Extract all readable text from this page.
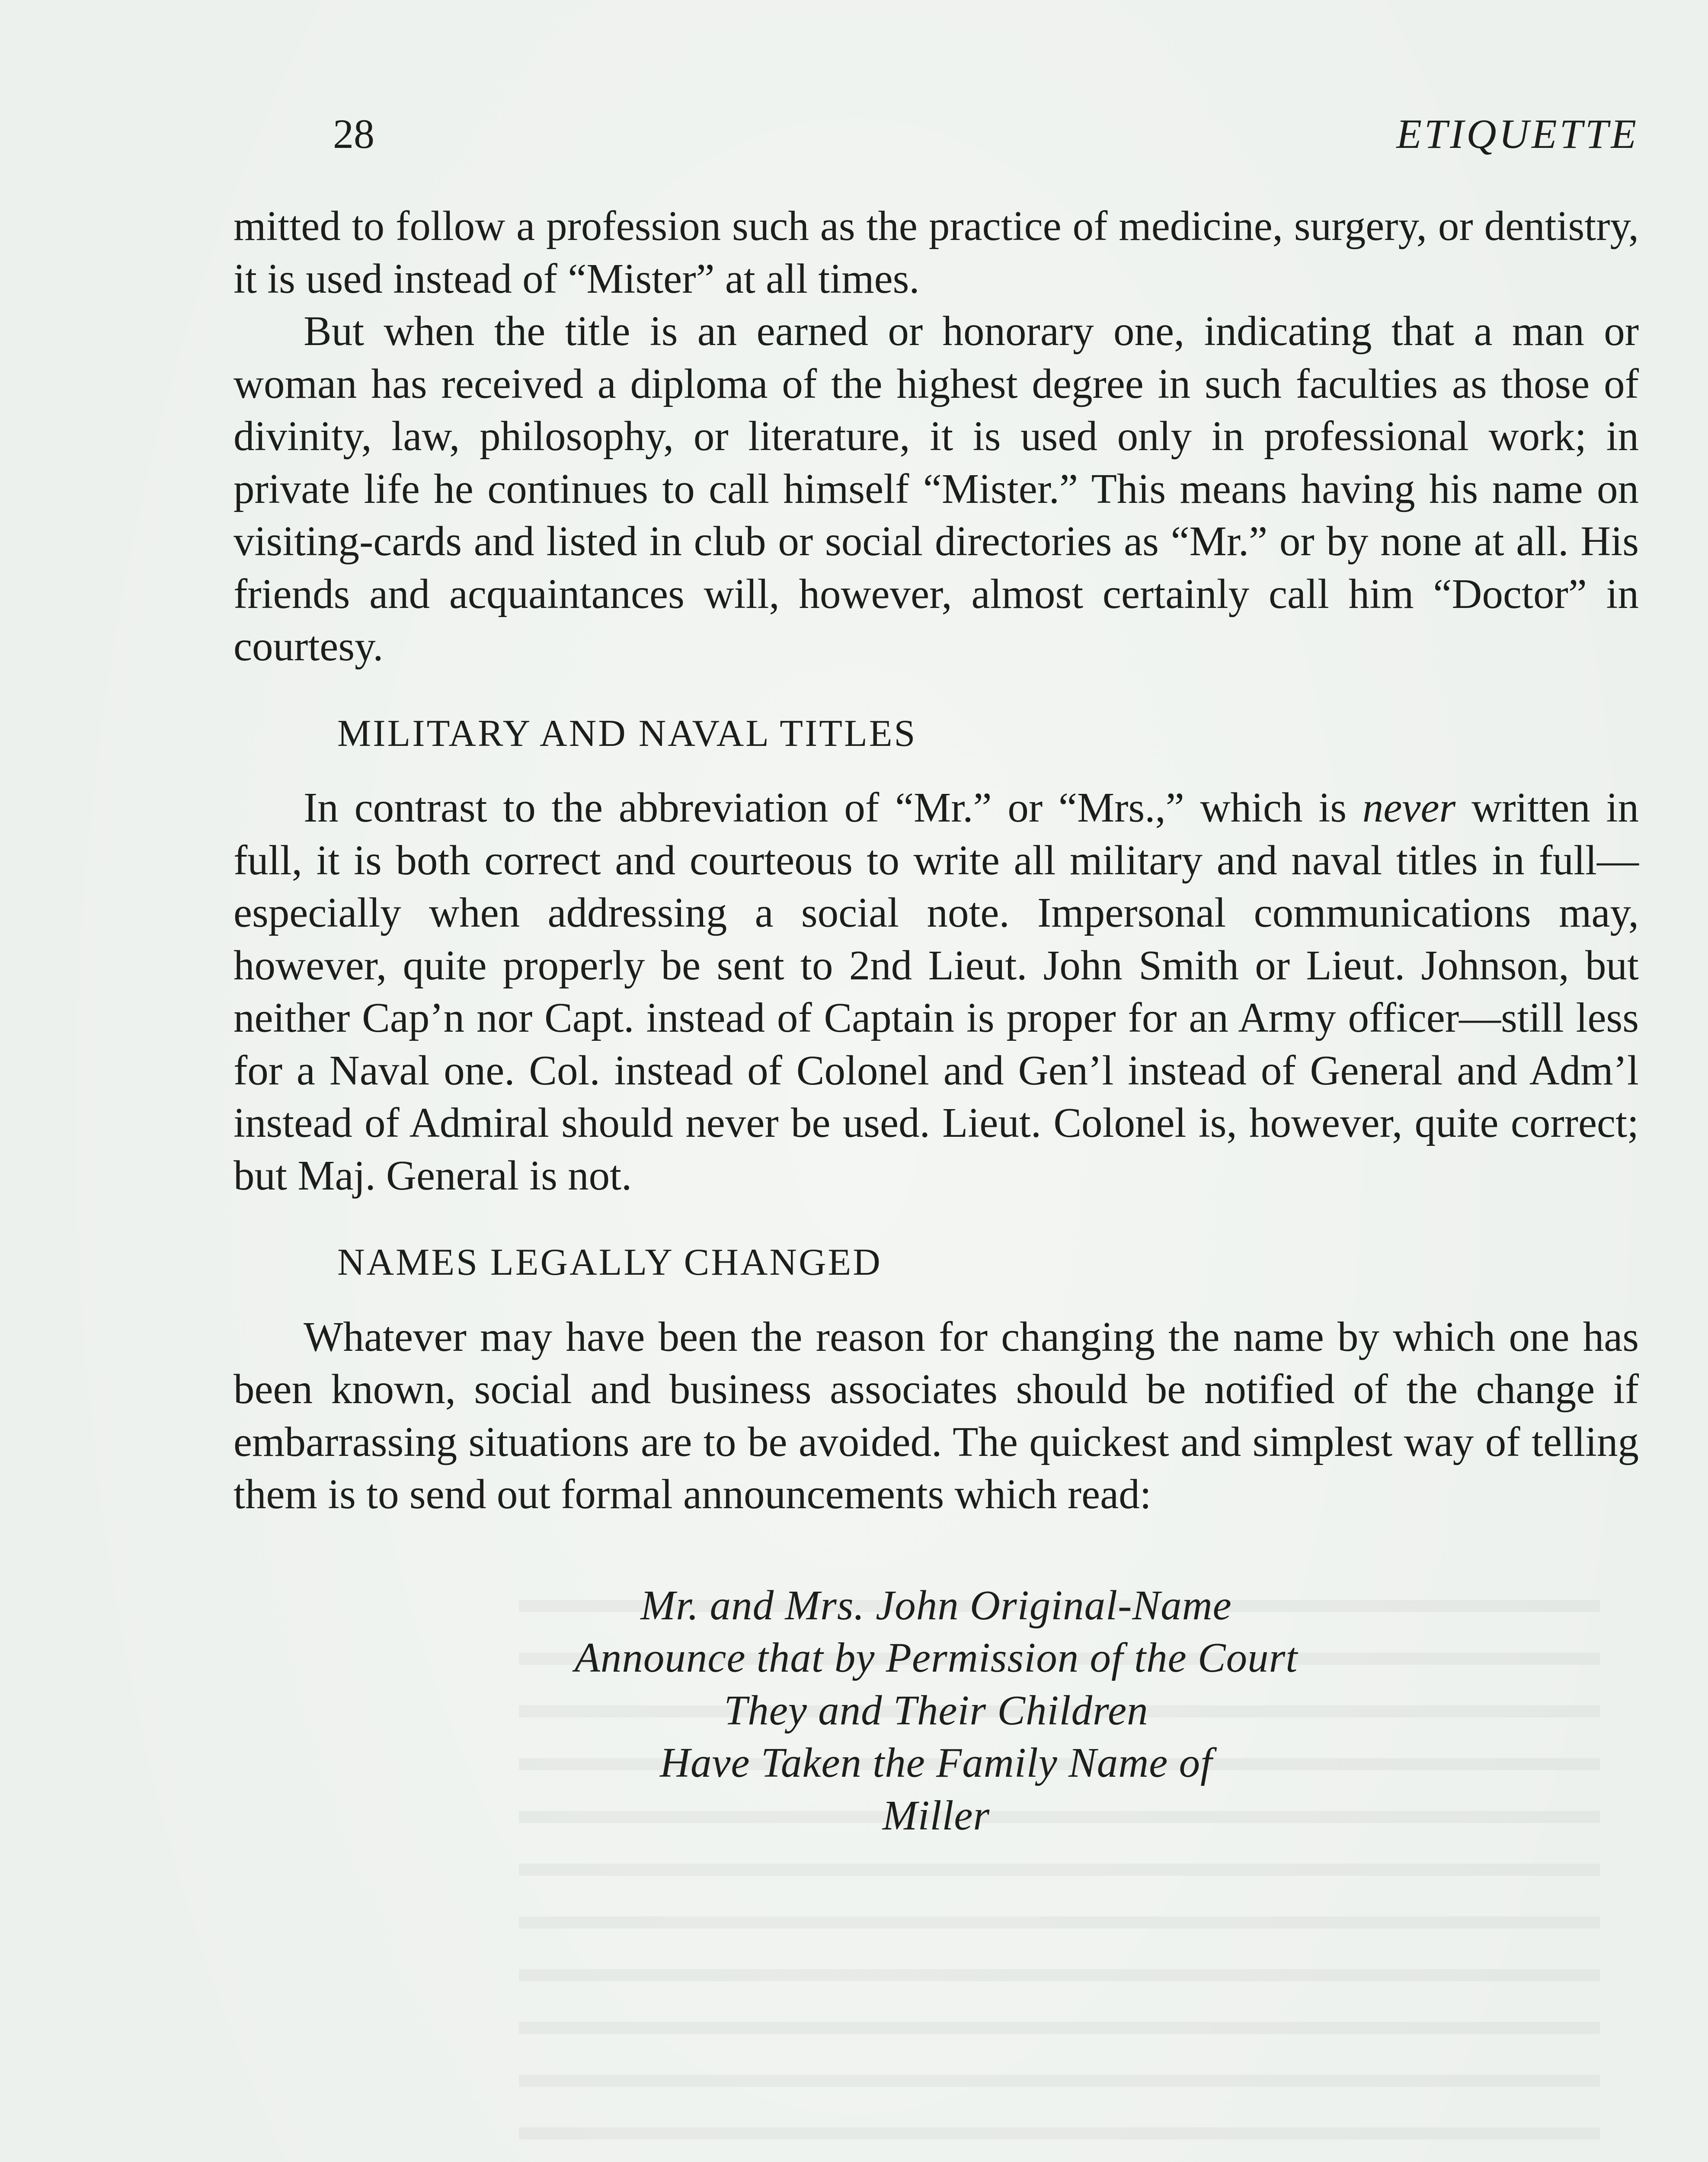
28	ETIQUETTE

mitted to follow a profession such as the practice of medicine, surgery, or dentistry, it is used instead of “Mister” at all times.

But when the title is an earned or honorary one, indicating that a man or woman has received a diploma of the highest degree in such faculties as those of divinity, law, philosophy, or literature, it is used only in professional work; in private life he continues to call himself “Mister.” This means having his name on visiting-cards and listed in club or social directories as “Mr.” or by none at all. His friends and acquaintances will, however, almost certainly call him “Doctor” in courtesy.

MILITARY AND NAVAL TITLES

In contrast to the abbreviation of “Mr.” or “Mrs.,” which is never written in full, it is both correct and courteous to write all military and naval titles in full—especially when addressing a social note. Impersonal communications may, however, quite properly be sent to 2nd Lieut. John Smith or Lieut. Johnson, but neither Cap’n nor Capt. instead of Captain is proper for an Army officer—still less for a Naval one. Col. instead of Colonel and Gen’l instead of General and Adm’l instead of Admiral should never be used. Lieut. Colonel is, however, quite correct; but Maj. General is not.

NAMES LEGALLY CHANGED

Whatever may have been the reason for changing the name by which one has been known, social and business associates should be notified of the change if embarrassing situations are to be avoided. The quickest and simplest way of telling them is to send out formal announcements which read:

Mr. and Mrs. John Original-Name
Announce that by Permission of the Court
They and Their Children
Have Taken the Family Name of
Miller
